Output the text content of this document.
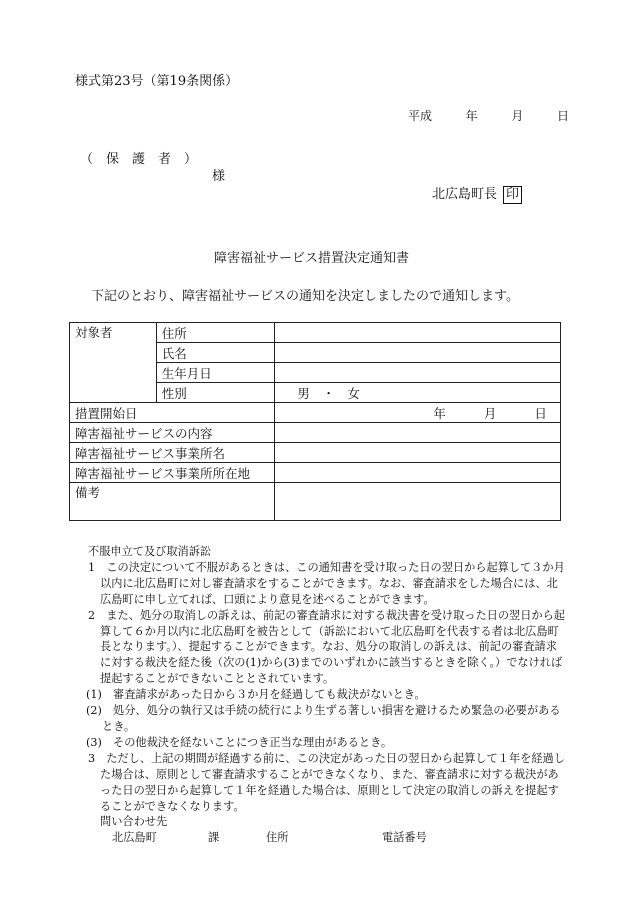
様式第23号（第19条関係）
平成	年	月	日
（　保　護　者　）
様
北広島町長 印
障害福祉サービス措置決定通知書
下記のとおり、障害福祉サービスの通知を決定しましたので通知します。
対象者	住所	
	氏名	
	生年月日	
	性別	男　・　女
措置開始日		年 月 日
障害福祉サービスの内容		
障害福祉サービス事業所名		
障害福祉サービス事業所所在地		
備考		

不服申立て及び取消訴訟

1　この決定について不服があるときは、この通知書を受け取った日の翌日から起算して３か月以内に北広島町に対し審査請求をすることができます。なお、審査請求をした場合には、北広島町に申し立てれば、口頭により意見を述べることができます。

2　また、処分の取消しの訴えは、前記の審査請求に対する裁決書を受け取った日の翌日から起算して６か月以内に北広島町を被告として（訴訟において北広島町を代表する者は北広島町長となります。）、提起することができます。なお、処分の取消しの訴えは、前記の審査請求に対する裁決を経た後（次の(1)から(3)までのいずれかに該当するときを除く。）でなければ提起することができないこととされています。

(1)　審査請求があった日から３か月を経過しても裁決がないとき。

(2)　処分、処分の執行又は手続の続行により生ずる著しい損害を避けるため緊急の必要があるとき。

(3)　その他裁決を経ないことにつき正当な理由があるとき。

3　ただし、上記の期間が経過する前に、この決定があった日の翌日から起算して１年を経過した場合は、原則として審査請求することができなくなり、また、審査請求に対する裁決があった日の翌日から起算して１年を経過した場合は、原則として決定の取消しの訴えを提起することができなくなります。

問い合わせ先

北広島町	課	住所	電話番号
